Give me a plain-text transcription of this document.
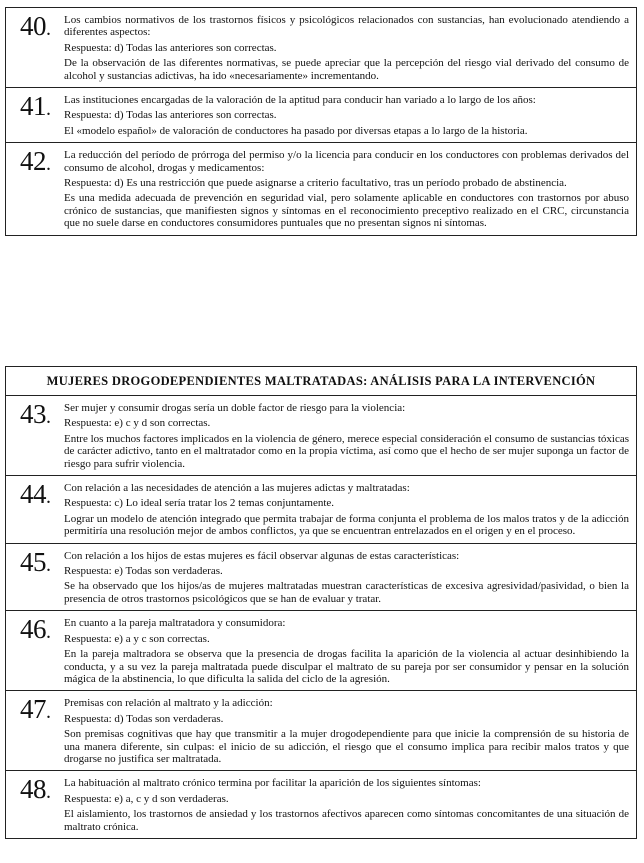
40. Los cambios normativos de los trastornos físicos y psicológicos relacionados con sustancias, han evolucionado atendiendo a diferentes aspectos:

Respuesta: d) Todas las anteriores son correctas.

De la observación de las diferentes normativas, se puede apreciar que la percepción del riesgo vial derivado del consumo de alcohol y sustancias adictivas, ha ido «necesariamente» incrementando.

41. Las instituciones encargadas de la valoración de la aptitud para conducir han variado a lo largo de los años:

Respuesta: d) Todas las anteriores son correctas.

El «modelo español» de valoración de conductores ha pasado por diversas etapas a lo largo de la historia.

42. La reducción del período de prórroga del permiso y/o la licencia para conducir en los conductores con problemas derivados del consumo de alcohol, drogas y medicamentos:

Respuesta: d) Es una restricción que puede asignarse a criterio facultativo, tras un período probado de abstinencia.

Es una medida adecuada de prevención en seguridad vial, pero solamente aplicable en conductores con trastornos por abuso crónico de sustancias, que manifiesten signos y síntomas en el reconocimiento preceptivo realizado en el CRC, circunstancia que no suele darse en conductores consumidores puntuales que no presentan signos ni síntomas.

MUJERES DROGODEPENDIENTES MALTRATADAS: ANÁLISIS PARA LA INTERVENCIÓN
43. Ser mujer y consumir drogas sería un doble factor de riesgo para la violencia:

Respuesta: e) c y d son correctas.

Entre los muchos factores implicados en la violencia de género, merece especial consideración el consumo de sustancias tóxicas de carácter adictivo, tanto en el maltratador como en la propia víctima, así como que el hecho de ser mujer suponga un factor de riesgo para sufrir violencia.

44. Con relación a las necesidades de atención a las mujeres adictas y maltratadas:

Respuesta: c) Lo ideal sería tratar los 2 temas conjuntamente.

Lograr un modelo de atención integrado que permita trabajar de forma conjunta el problema de los malos tratos y de la adicción permitiría una resolución mejor de ambos conflictos, ya que se encuentran entrelazados en el origen y en el proceso.

45. Con relación a los hijos de estas mujeres es fácil observar algunas de estas características:

Respuesta: e) Todas son verdaderas.

Se ha observado que los hijos/as de mujeres maltratadas muestran características de excesiva agresividad/pasividad, o bien la presencia de otros trastornos psicológicos que se han de evaluar y tratar.

46. En cuanto a la pareja maltratadora y consumidora:

Respuesta: e) a y c son correctas.

En la pareja maltradora se observa que la presencia de drogas facilita la aparición de la violencia al actuar desinhibiendo la conducta, y a su vez la pareja maltratada puede disculpar el maltrato de su pareja por ser consumidor y pensar en la solución mágica de la abstinencia, lo que dificulta la salida del ciclo de la agresión.

47. Premisas con relación al maltrato y la adicción:

Respuesta: d) Todas son verdaderas.

Son premisas cognitivas que hay que transmitir a la mujer drogodependiente para que inicie la comprensión de su historia de una manera diferente, sin culpas: el inicio de su adicción, el riesgo que el consumo implica para recibir malos tratos y que drogarse no justifica ser maltratada.

48. La habituación al maltrato crónico termina por facilitar la aparición de los siguientes síntomas:

Respuesta: e) a, c y d son verdaderas.

El aislamiento, los trastornos de ansiedad y los trastornos afectivos aparecen como síntomas concomitantes de una situación de maltrato crónica.
